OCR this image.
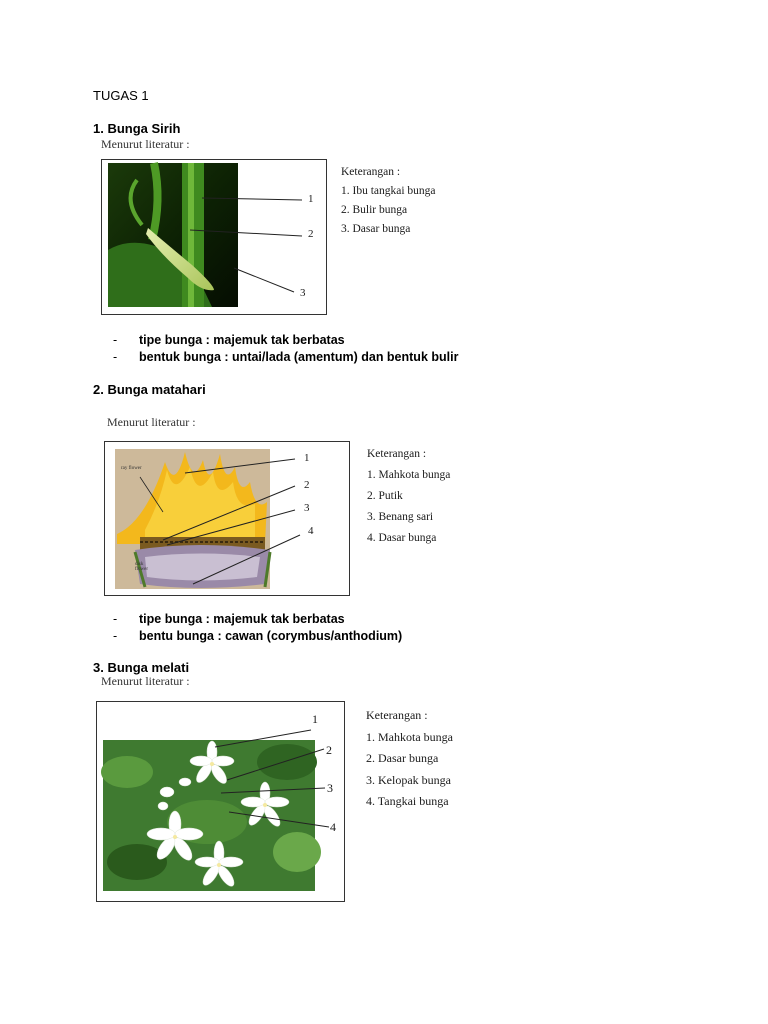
TUGAS 1
1. Bunga Sirih
Menurut literatur :
1
2
3
Keterangan :
1. Ibu tangkai bunga
2. Bulir bunga
3. Dasar bunga
-	tipe bunga : majemuk tak berbatas
-	bentuk bunga : untai/lada (amentum) dan bentuk bulir
2. Bunga matahari
Menurut literatur :
ray flower
disk flower
1
2
3
4
Keterangan :
1. Mahkota bunga
2. Putik
3. Benang sari
4. Dasar bunga
-	tipe bunga : majemuk tak berbatas
-	bentu bunga : cawan (corymbus/anthodium)
3. Bunga melati
Menurut literatur :
1
2
3
4
Keterangan :
1. Mahkota bunga
2. Dasar bunga
3. Kelopak bunga
4. Tangkai bunga
